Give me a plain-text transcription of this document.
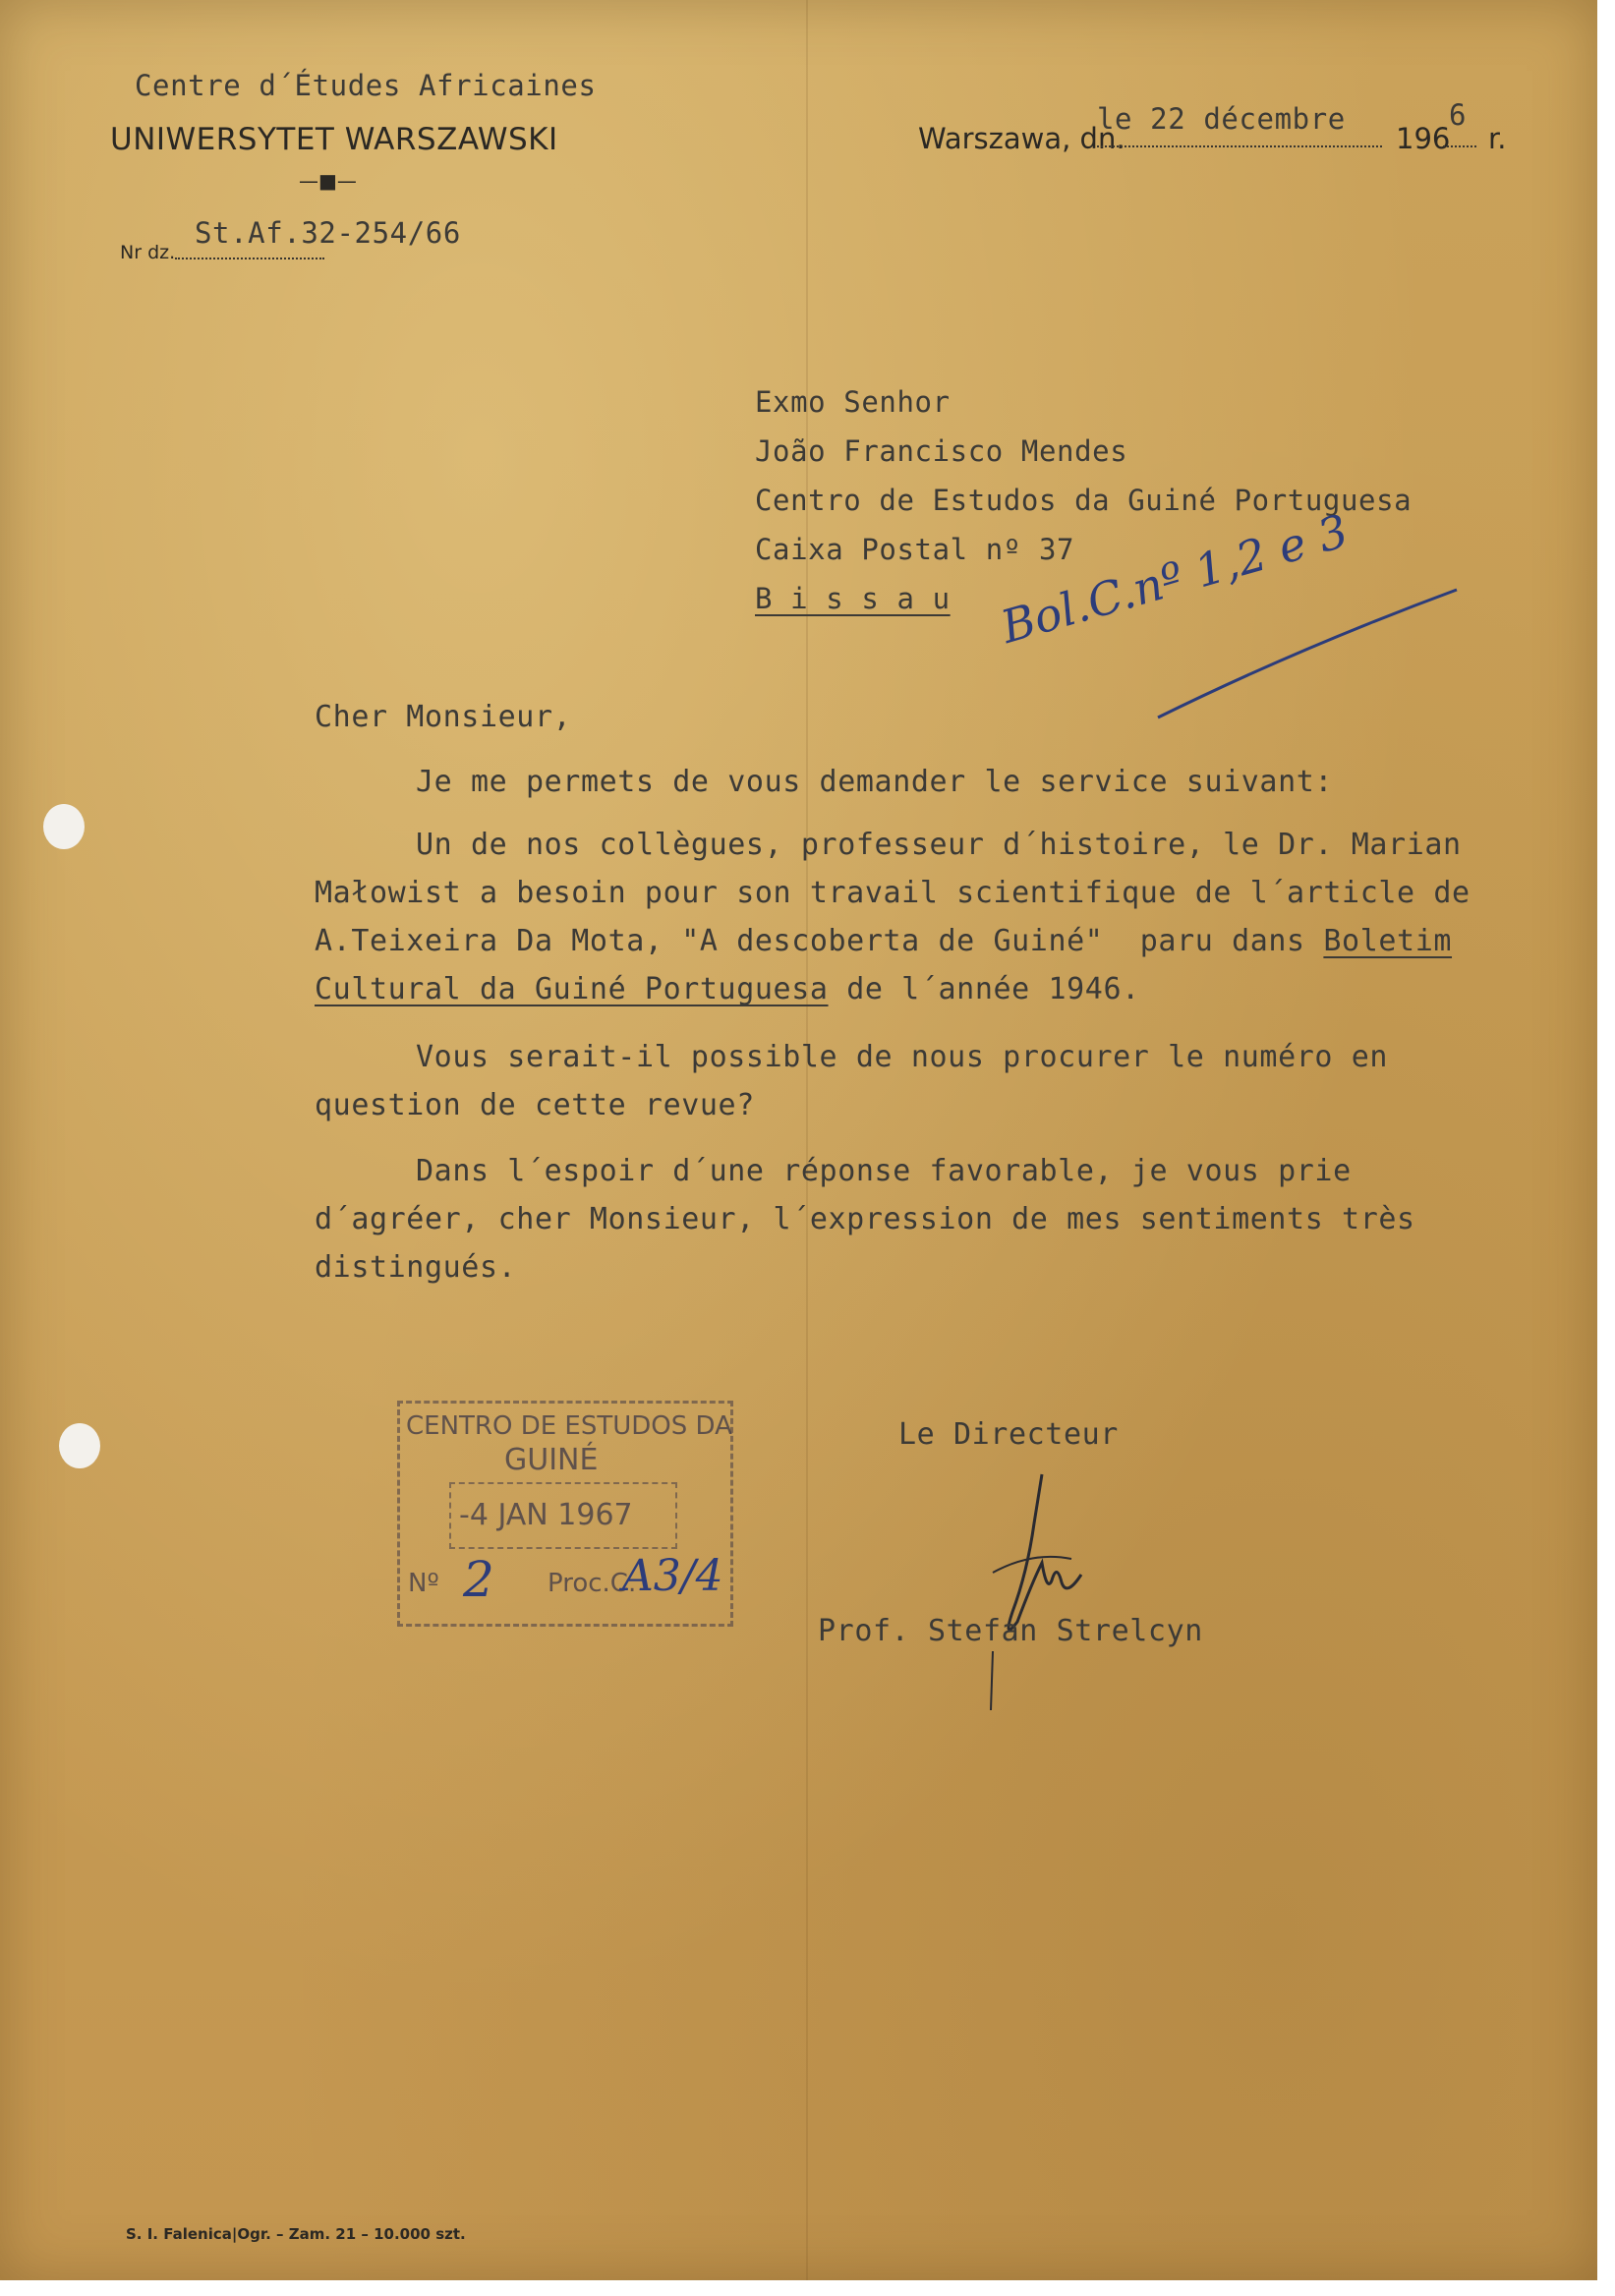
Centre d´Études Africaines
UNIWERSYTET WARSZAWSKI
—■—
Nr dz.
St.Af.32-254/66
Warszawa, dn.
le 22 décembre
196
6
r.
Exmo Senhor
João Francisco Mendes
Centro de Estudos da Guiné Portuguesa
Caixa Postal nº 37
B i s s a u Bol.C.nº 1,2 e 3
Cher Monsieur,
Je me permets de vous demander le service suivant:
Un de nos collègues, professeur d´histoire, le Dr. Marian
Małowist a besoin pour son travail scientifique de l´article de
A.Teixeira Da Mota, "A descoberta de Guiné"  paru dans Boletim
Cultural da Guiné Portuguesa de l´année 1946.
Vous serait-il possible de nous procurer le numéro en
question de cette revue?
Dans l´espoir d´une réponse favorable, je vous prie
d´agréer, cher Monsieur, l´expression de mes sentiments très
distingués.
CENTRO DE ESTUDOS DA
GUINÉ
-4 JAN 1967
Nº 2 Proc.C.
A3/4
Le Directeur
Prof. Stefan Strelcyn
S. I. Falenica|Ogr. – Zam. 21 – 10.000 szt.
